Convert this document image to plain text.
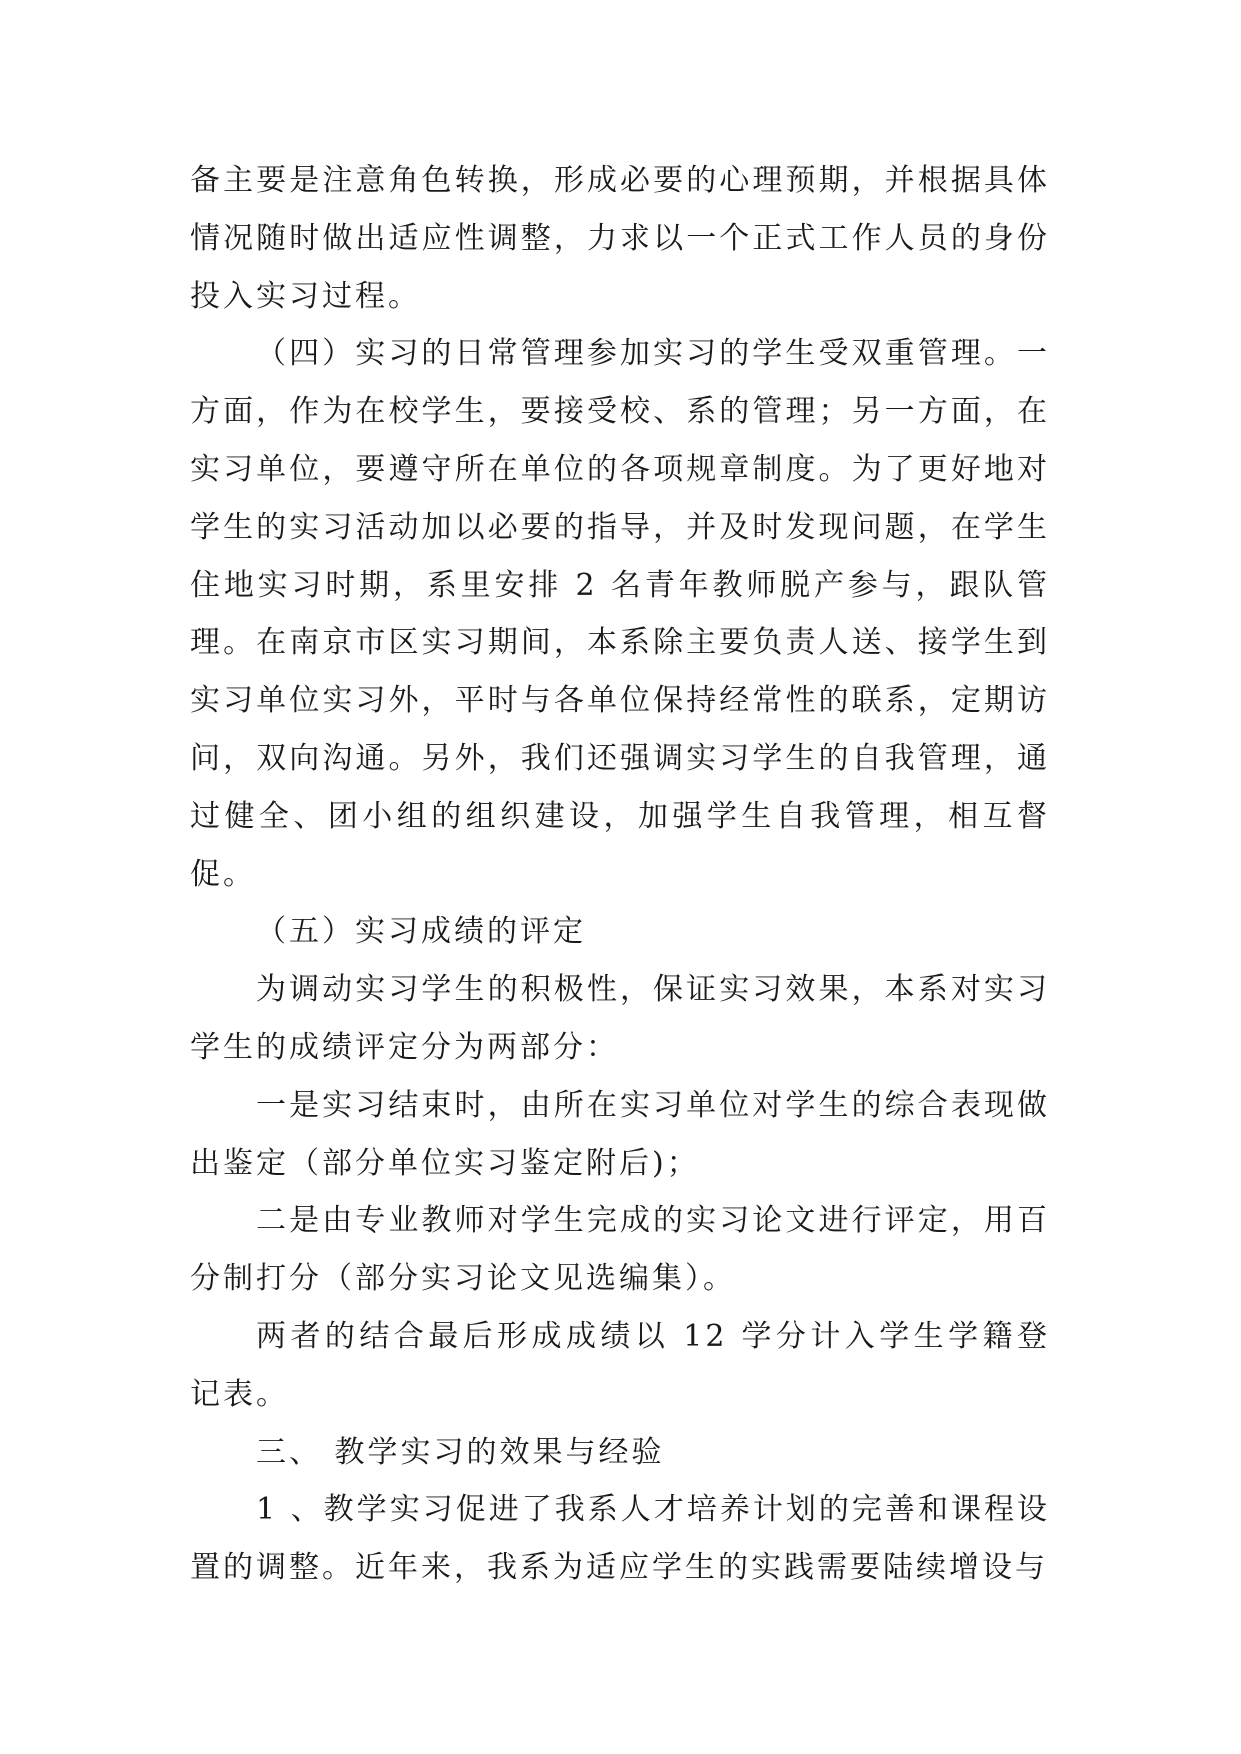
备主要是注意角色转换，形成必要的心理预期，并根据具体情况随时做出适应性调整，力求以一个正式工作人员的身份投入实习过程。

（四）实习的日常管理参加实习的学生受双重管理。一方面，作为在校学生，要接受校、系的管理；另一方面，在实习单位，要遵守所在单位的各项规章制度。为了更好地对学生的实习活动加以必要的指导，并及时发现问题，在学生住地实习时期，系里安排 2 名青年教师脱产参与，跟队管理。在南京市区实习期间，本系除主要负责人送、接学生到实习单位实习外，平时与各单位保持经常性的联系，定期访问，双向沟通。另外，我们还强调实习学生的自我管理，通过健全、团小组的组织建设，加强学生自我管理，相互督促。

（五）实习成绩的评定

为调动实习学生的积极性，保证实习效果，本系对实习学生的成绩评定分为两部分：

一是实习结束时，由所在实习单位对学生的综合表现做出鉴定（部分单位实习鉴定附后)；

二是由专业教师对学生完成的实习论文进行评定，用百分制打分（部分实习论文见选编集）。

两者的结合最后形成成绩以 12 学分计入学生学籍登记表。

三、 教学实习的效果与经验

1 、教学实习促进了我系人才培养计划的完善和课程设置的调整。近年来，我系为适应学生的实践需要陆续增设与
